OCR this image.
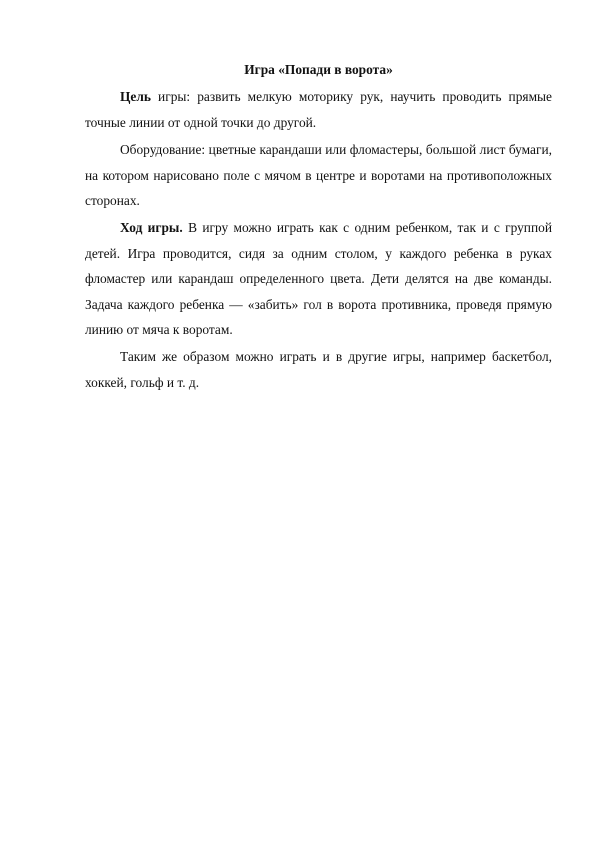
Игра «Попади в ворота»

Цель игры: развить мелкую моторику рук, научить проводить прямые точные линии от одной точки до другой.

Оборудование: цветные карандаши или фломастеры, большой лист бумаги, на котором нарисовано поле с мячом в центре и воротами на противоположных сторонах.

Ход игры. В игру можно играть как с одним ребенком, так и с группой детей. Игра проводится, сидя за одним столом, у каждого ребенка в руках фломастер или карандаш определенного цвета. Дети делятся на две команды. Задача каждого ребенка — «забить» гол в ворота противника, проведя прямую линию от мяча к воротам.

Таким же образом можно играть и в другие игры, например баскетбол, хоккей, гольф и т. д.
